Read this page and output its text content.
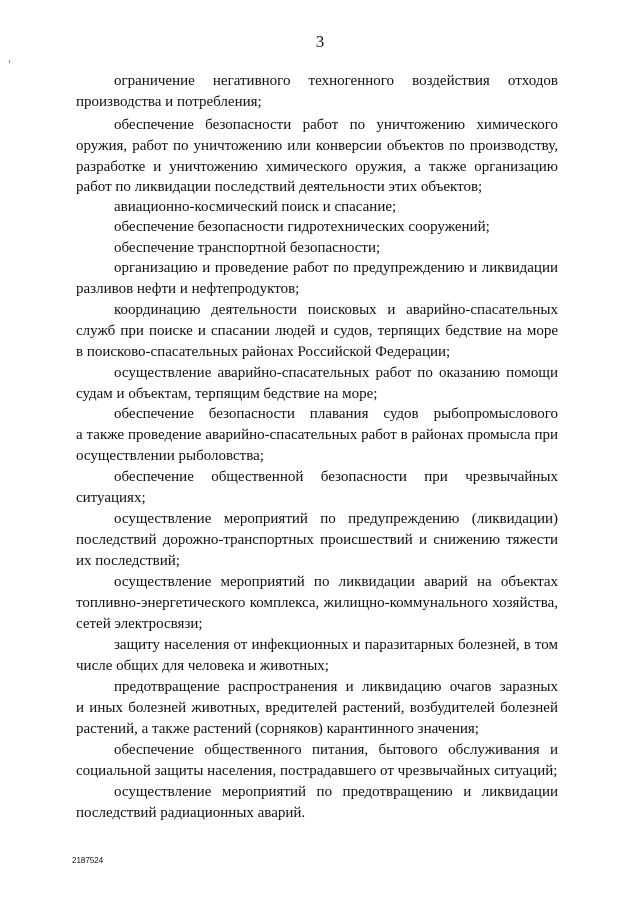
3
ограничение негативного техногенного воздействия отходов
производства и потребления;
обеспечение безопасности работ по уничтожению химического
оружия, работ по уничтожению или конверсии объектов по производству,
разработке и уничтожению химического оружия, а также организацию
работ по ликвидации последствий деятельности этих объектов;
авиационно-космический поиск и спасание;
обеспечение безопасности гидротехнических сооружений;
обеспечение транспортной безопасности;
организацию и проведение работ по предупреждению и ликвидации
разливов нефти и нефтепродуктов;
координацию деятельности поисковых и аварийно-спасательных
служб при поиске и спасании людей и судов, терпящих бедствие на море
в поисково-спасательных районах Российской Федерации;
осуществление аварийно-спасательных работ по оказанию помощи
судам и объектам, терпящим бедствие на море;
обеспечение безопасности плавания судов рыбопромыслового
а также проведение аварийно-спасательных работ в районах промысла при
осуществлении рыболовства;
обеспечение общественной безопасности при чрезвычайных
ситуациях;
осуществление мероприятий по предупреждению (ликвидации)
последствий дорожно-транспортных происшествий и снижению тяжести
их последствий;
осуществление мероприятий по ликвидации аварий на объектах
топливно-энергетического комплекса, жилищно-коммунального хозяйства,
сетей электросвязи;
защиту населения от инфекционных и паразитарных болезней, в том
числе общих для человека и животных;
предотвращение распространения и ликвидацию очагов заразных
и иных болезней животных, вредителей растений, возбудителей болезней
растений, а также растений (сорняков) карантинного значения;
обеспечение общественного питания, бытового обслуживания и
социальной защиты населения, пострадавшего от чрезвычайных ситуаций;
осуществление мероприятий по предотвращению и ликвидации
последствий радиационных аварий.
2187524
